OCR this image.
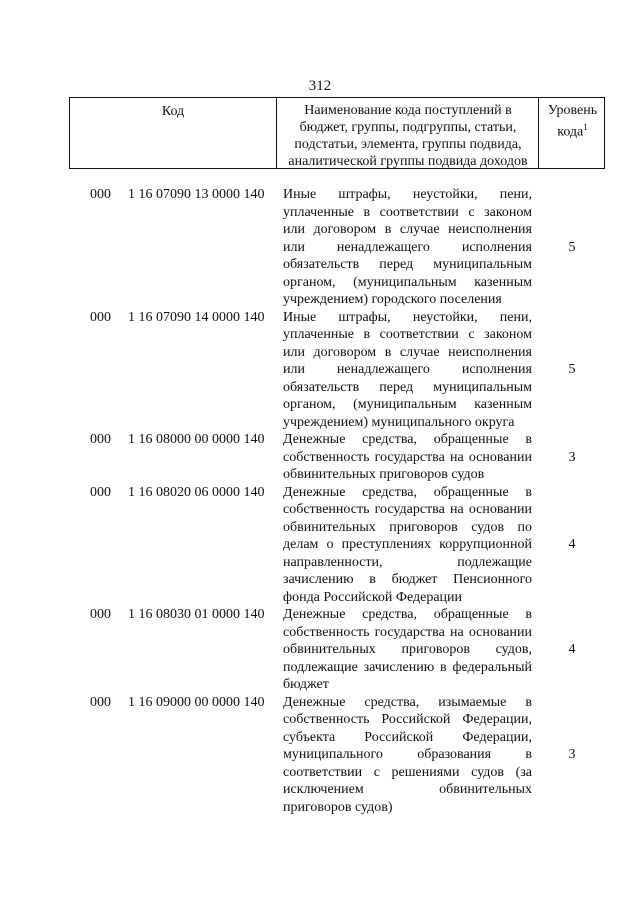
312
Код	Наименование кода поступлений в
бюджет, группы, подгруппы, статьи,
подстатьи, элемента, группы подвида,
аналитической группы подвида доходов
Уровень
кода$^1$
000	1 16 07090 13 0000 140	Иные штрафы, неустойки, пени,
уплаченные в соответствии с законом
или договором в случае неисполнения
или ненадлежащего исполнения
обязательств перед муниципальным
органом, (муниципальным казенным
учреждением) городского поселения
5
000	1 16 07090 14 0000 140	Иные штрафы, неустойки, пени,
уплаченные в соответствии с законом
или договором в случае неисполнения
или ненадлежащего исполнения
обязательств перед муниципальным
органом, (муниципальным казенным
учреждением) муниципального округа
5
000	1 16 08000 00 0000 140	Денежные средства, обращенные в
собственность государства на основании
обвинительных приговоров судов
3
000	1 16 08020 06 0000 140	Денежные средства, обращенные в
собственность государства на основании
обвинительных приговоров судов по
делам о преступлениях коррупционной
направленности, подлежащие
зачислению в бюджет Пенсионного
фонда Российской Федерации
4
000	1 16 08030 01 0000 140	Денежные средства, обращенные в
собственность государства на основании
обвинительных приговоров судов,
подлежащие зачислению в федеральный
бюджет
4
000	1 16 09000 00 0000 140	Денежные средства, изымаемые в
собственность Российской Федерации,
субъекта Российской Федерации,
муниципального образования в
соответствии с решениями судов (за
исключением обвинительных
приговоров судов)
3
